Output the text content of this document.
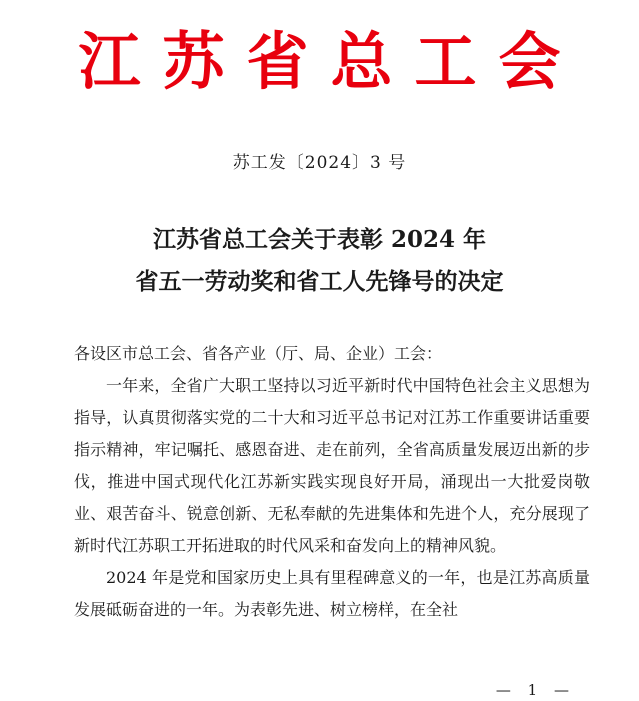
江苏省总工会
苏工发〔2024〕3 号
江苏省总工会关于表彰 2024 年
省五一劳动奖和省工人先锋号的决定

各设区市总工会、省各产业（厅、局、企业）工会：

一年来，全省广大职工坚持以习近平新时代中国特色社会主义思想为指导，认真贯彻落实党的二十大和习近平总书记对江苏工作重要讲话重要指示精神，牢记嘱托、感恩奋进、走在前列，全省高质量发展迈出新的步伐，推进中国式现代化江苏新实践实现良好开局，涌现出一大批爱岗敬业、艰苦奋斗、锐意创新、无私奉献的先进集体和先进个人，充分展现了新时代江苏职工开拓进取的时代风采和奋发向上的精神风貌。

2024 年是党和国家历史上具有里程碑意义的一年，也是江苏高质量发展砥砺奋进的一年。为表彰先进、树立榜样，在全社

— 1 —
